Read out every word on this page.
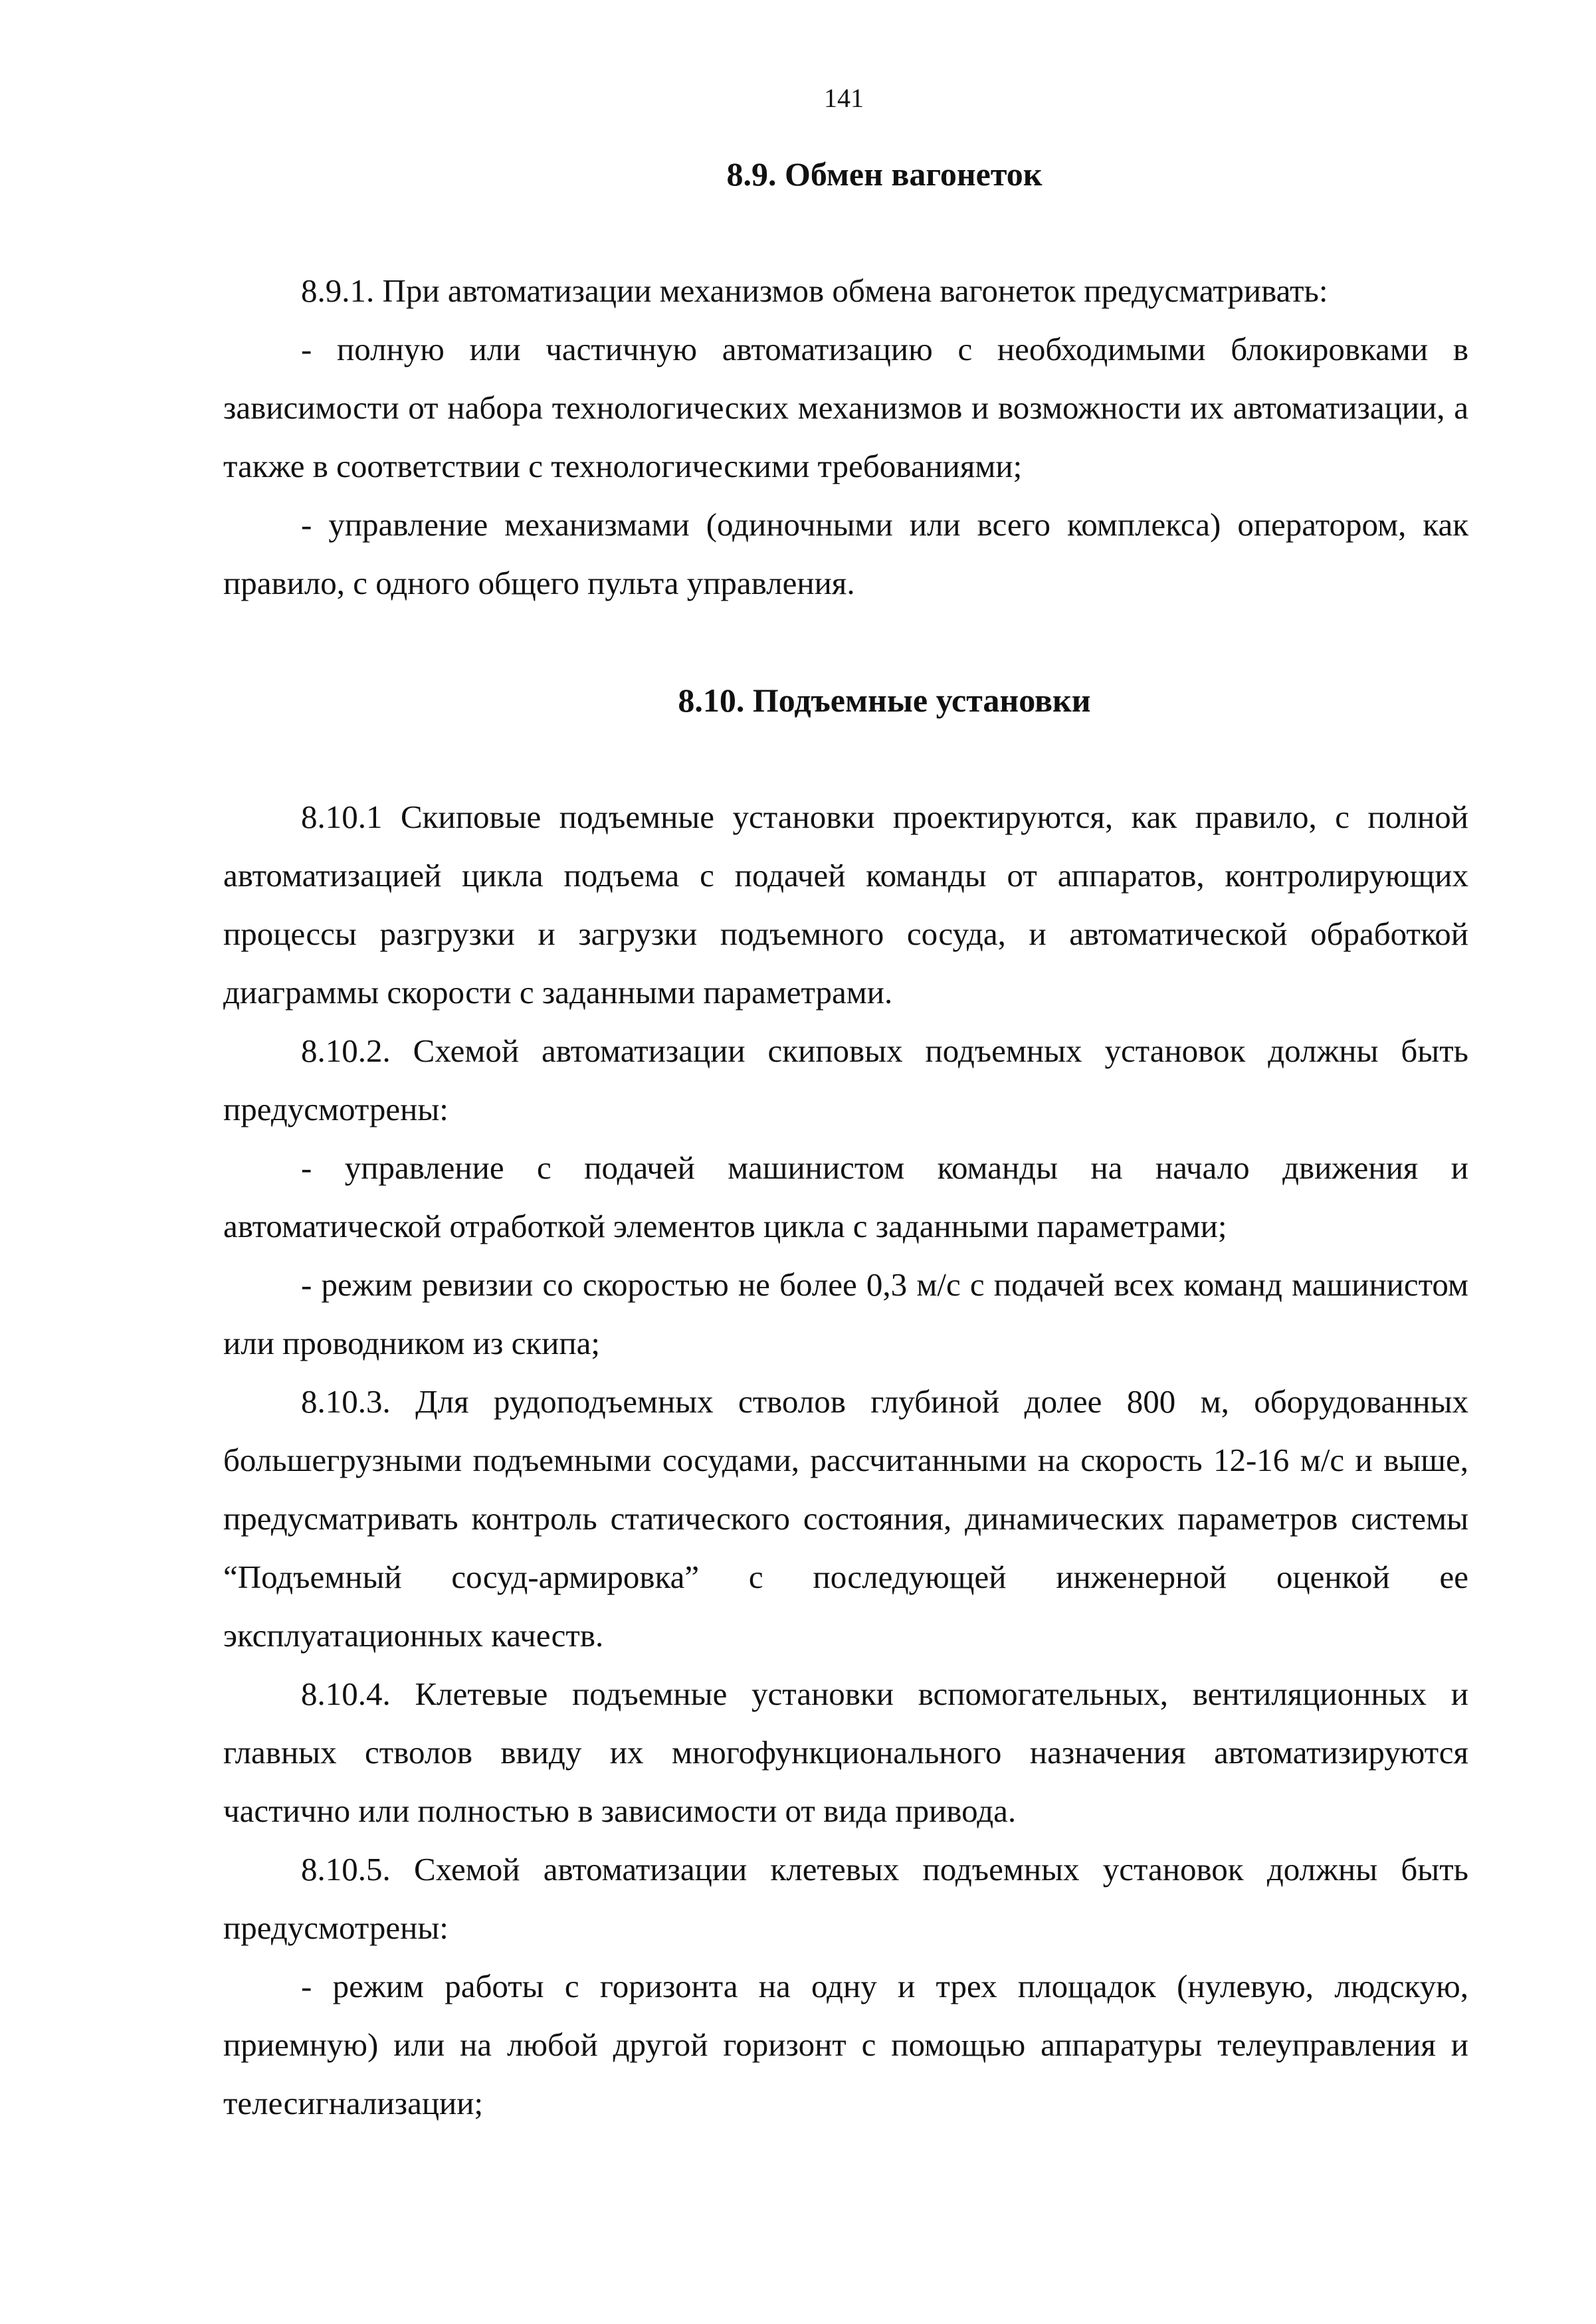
141
8.9. Обмен вагонеток

8.9.1. При автоматизации механизмов обмена вагонеток предусматривать:

- полную или частичную автоматизацию с необходимыми блокировками в зависимости от набора технологических механизмов и возможности их автоматизации, а также в соответствии с технологическими требованиями;

- управление механизмами (одиночными или всего комплекса) оператором, как правило, с одного общего пульта управления.

8.10. Подъемные установки

8.10.1 Скиповые подъемные установки проектируются, как правило, с полной автоматизацией цикла подъема с подачей команды от аппаратов, контролирующих процессы разгрузки и загрузки подъемного сосуда, и автоматической обработкой диаграммы скорости с заданными параметрами.

8.10.2. Схемой автоматизации скиповых подъемных установок должны быть предусмотрены:

- управление с подачей машинистом команды на начало движения и автоматической отработкой элементов цикла с заданными параметрами;

- режим ревизии со скоростью не более 0,3 м/с с подачей всех команд машинистом или проводником из скипа;

8.10.3. Для рудоподъемных стволов глубиной долее 800 м, оборудованных большегрузными подъемными сосудами, рассчитанными на скорость 12-16 м/с и выше, предусматривать контроль статического состояния, динамических параметров системы “Подъемный сосуд-армировка” с последующей инженерной оценкой ее эксплуатационных качеств.

8.10.4. Клетевые подъемные установки вспомогательных, вентиляционных и главных стволов ввиду их многофункционального назначения автоматизируются частично или полностью в зависимости от вида привода.

8.10.5. Схемой автоматизации клетевых подъемных установок должны быть предусмотрены:

- режим работы с горизонта на одну и трех площадок (нулевую, людскую, приемную) или на любой другой горизонт с помощью аппаратуры телеуправления и телесигнализации;
